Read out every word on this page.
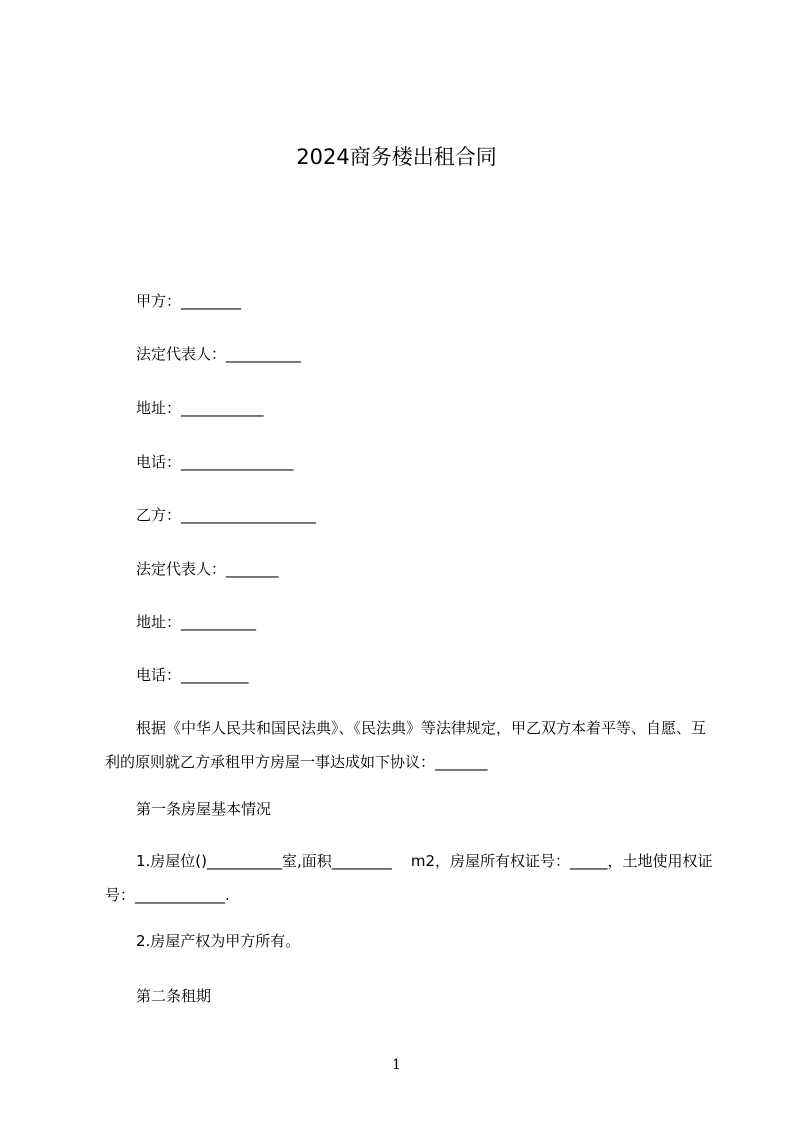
2024商务楼出租合同
甲方：________
法定代表人：__________
地址：___________
电话：_______________
乙方：__________________
法定代表人：_______
地址：__________
电话：_________
根据《中华人民共和国民法典》、《民法典》等法律规定，甲乙双方本着平等、自愿、互利的原则就乙方承租甲方房屋一事达成如下协议：_______
第一条房屋基本情况
1.房屋位()__________室,面积________    m2，房屋所有权证号：_____，土地使用权证号：____________.
2.房屋产权为甲方所有。
第二条租期
1
